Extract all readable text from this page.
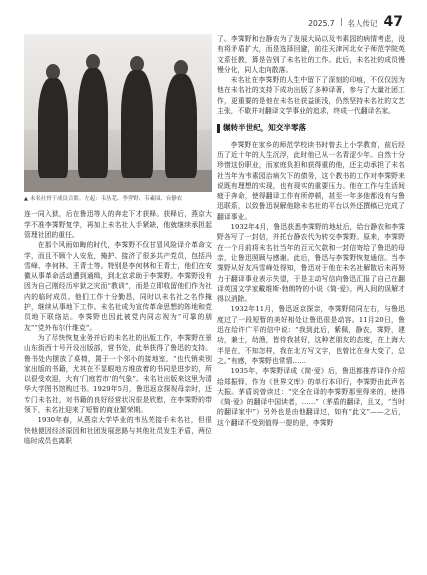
2025.7 名人传记 47
▲ 未名社骨干成员合影。左起：韦丛芜、李霁野、韦素园、台静农

连一同入狱，后在鲁迅等人的奔走下才获释。获释后，燕京大学不准李霁野复学，再加上未名社人手紧缺，他就继续承担起管理社团的重任。

在那个风雨如晦的时代，李霁野不仅甘冒风险译介革命文学，而且不顾个人安危，掩护、接济了很多共产党员，包括冯雪峰、李何林、王青士等。特别是李何林和王青士，他们在安徽从事革命活动遭到通缉，到北京求助于李霁野。李霁野没有因为自己刚经历牢狱之灾而“教训”，而是立即收留他们作为社内的临时成员。他们工作十分勤恳，同时以未名社之名作掩护，继续从事地下工作。未名社成为宣传革命思想的阵地和党员地下联络站。李霁野也因此被党内同志视为“可靠的朋友”“党外布尔什维克”。

为了尽快恢复业务并后的未名社的出版工作，李霁野在景山东街西十号开设出版部，营书处，此举获得了鲁迅的支持。鲁书处内摆放了桌椅，置于一个邻小的接地室，“也代销卖别家出版的书籍，尤其在不显眼地方堆放着的书同是进步的，所以很受欢迎，大有‘门庭若市’的气象”。未名社出版来这里为清华大学图书馆购过书。1929年5月，鲁迅返京探视母亲时，还专门未名社，对书籍的良好经营状况很是欣慰，在李霁野的带领下，未名社迎来了短暂的商业繁荣期。

1930年春，从燕京大学毕业的韦丛芜接手未名社，但很快他便因经济原因和社团发展思路与其他社员发生矛盾，两位临时成员也离职

了。李霁野和台静农为了发展大局以及韦素园的病情考虑，没有将矛盾扩大，而是选择回避，前往天津河北女子师范学院英文系任教，算是告别了未名社的工作。此后，未名社的成员慢慢分化，同人走向散落。

未名社在李霁野的人生中留下了深刻的印痕，不仅仅因为他在未名社的支持下成功出版了多种译著，参与了大量社团工作，更重要的是他在未名社获益匪浅，仍然坚持未名社的文艺主张，不歇并对翻译文学事业的追求，终成一代翻译名家。

辗转半世纪，知交半零落

李霁野在家乡的师范学校读书时曾去上小学教育，前后经历了近十年的人生沉浮，此时他已从一名青涩少年。自然十分珍惜这份职业，而家庭负担和获得重的他，还主动承担了未名社当年为韦素园治病欠下的债务，这个教书的工作对李霁野来说既有理想的实现，也有现实的重要压力。他在工作与生活间疲于奔命，使得翻译工作有所停顿，甚至一年多他都没有与鲁迅联系，以致鲁迅误解他除未名社的平台以外还撰稿已完成了翻译事业。

1932年4月，鲁迅获悉李霁野的地址后，给台静农和李霁野各写了一封信，并托台静农代为转交李霁野。原来，李霁野在一个月前将未名社当年的百元欠款和一封信寄给了鲁迅的母亲，让鲁迅照顾与感谢。此后，鲁迅与李霁野恢复通信。当李霁野从好友冯雪峰处得知，鲁迅对于他在未名社解散后未再努力于翻译事业表示失望，于是主动写信向鲁迅汇报了自己在翻译英国文学家戴维斯·勃朗特的小说《简·爱》，两人间的误解才得以消除。

1932年11月，鲁迅返京探亲，李霁野陪同左右，与鲁迅度过了一段短暂的美好相处让鲁迅很是动容。11月20日，鲁迅在给许广平的信中说：“我到此后，紫佩，静农，霁野，建功，兼士，幼渔，皆待我甚好，这种老朋友的态度，在上海大半是在，不知怎样，我在北方写文字，也曾比在身大变了，总之。”有感，李霁野也常情……

1935年，李霁野译成《简·爱》后，鲁迅都推荐译作介绍给郑振铎，作为《世界文库》的单行本印行，李霁野由此声名大振。茅盾说曾读过：“完全在译的李霁野那里得来的，使得《简·爱》的翻译中国读者，……”（茅盾的翻译，且又，“当时的翻译家中”）另外也是由他翻译过，如有“此文”——之后，这个翻译不受到值得一提的是，李霁野
